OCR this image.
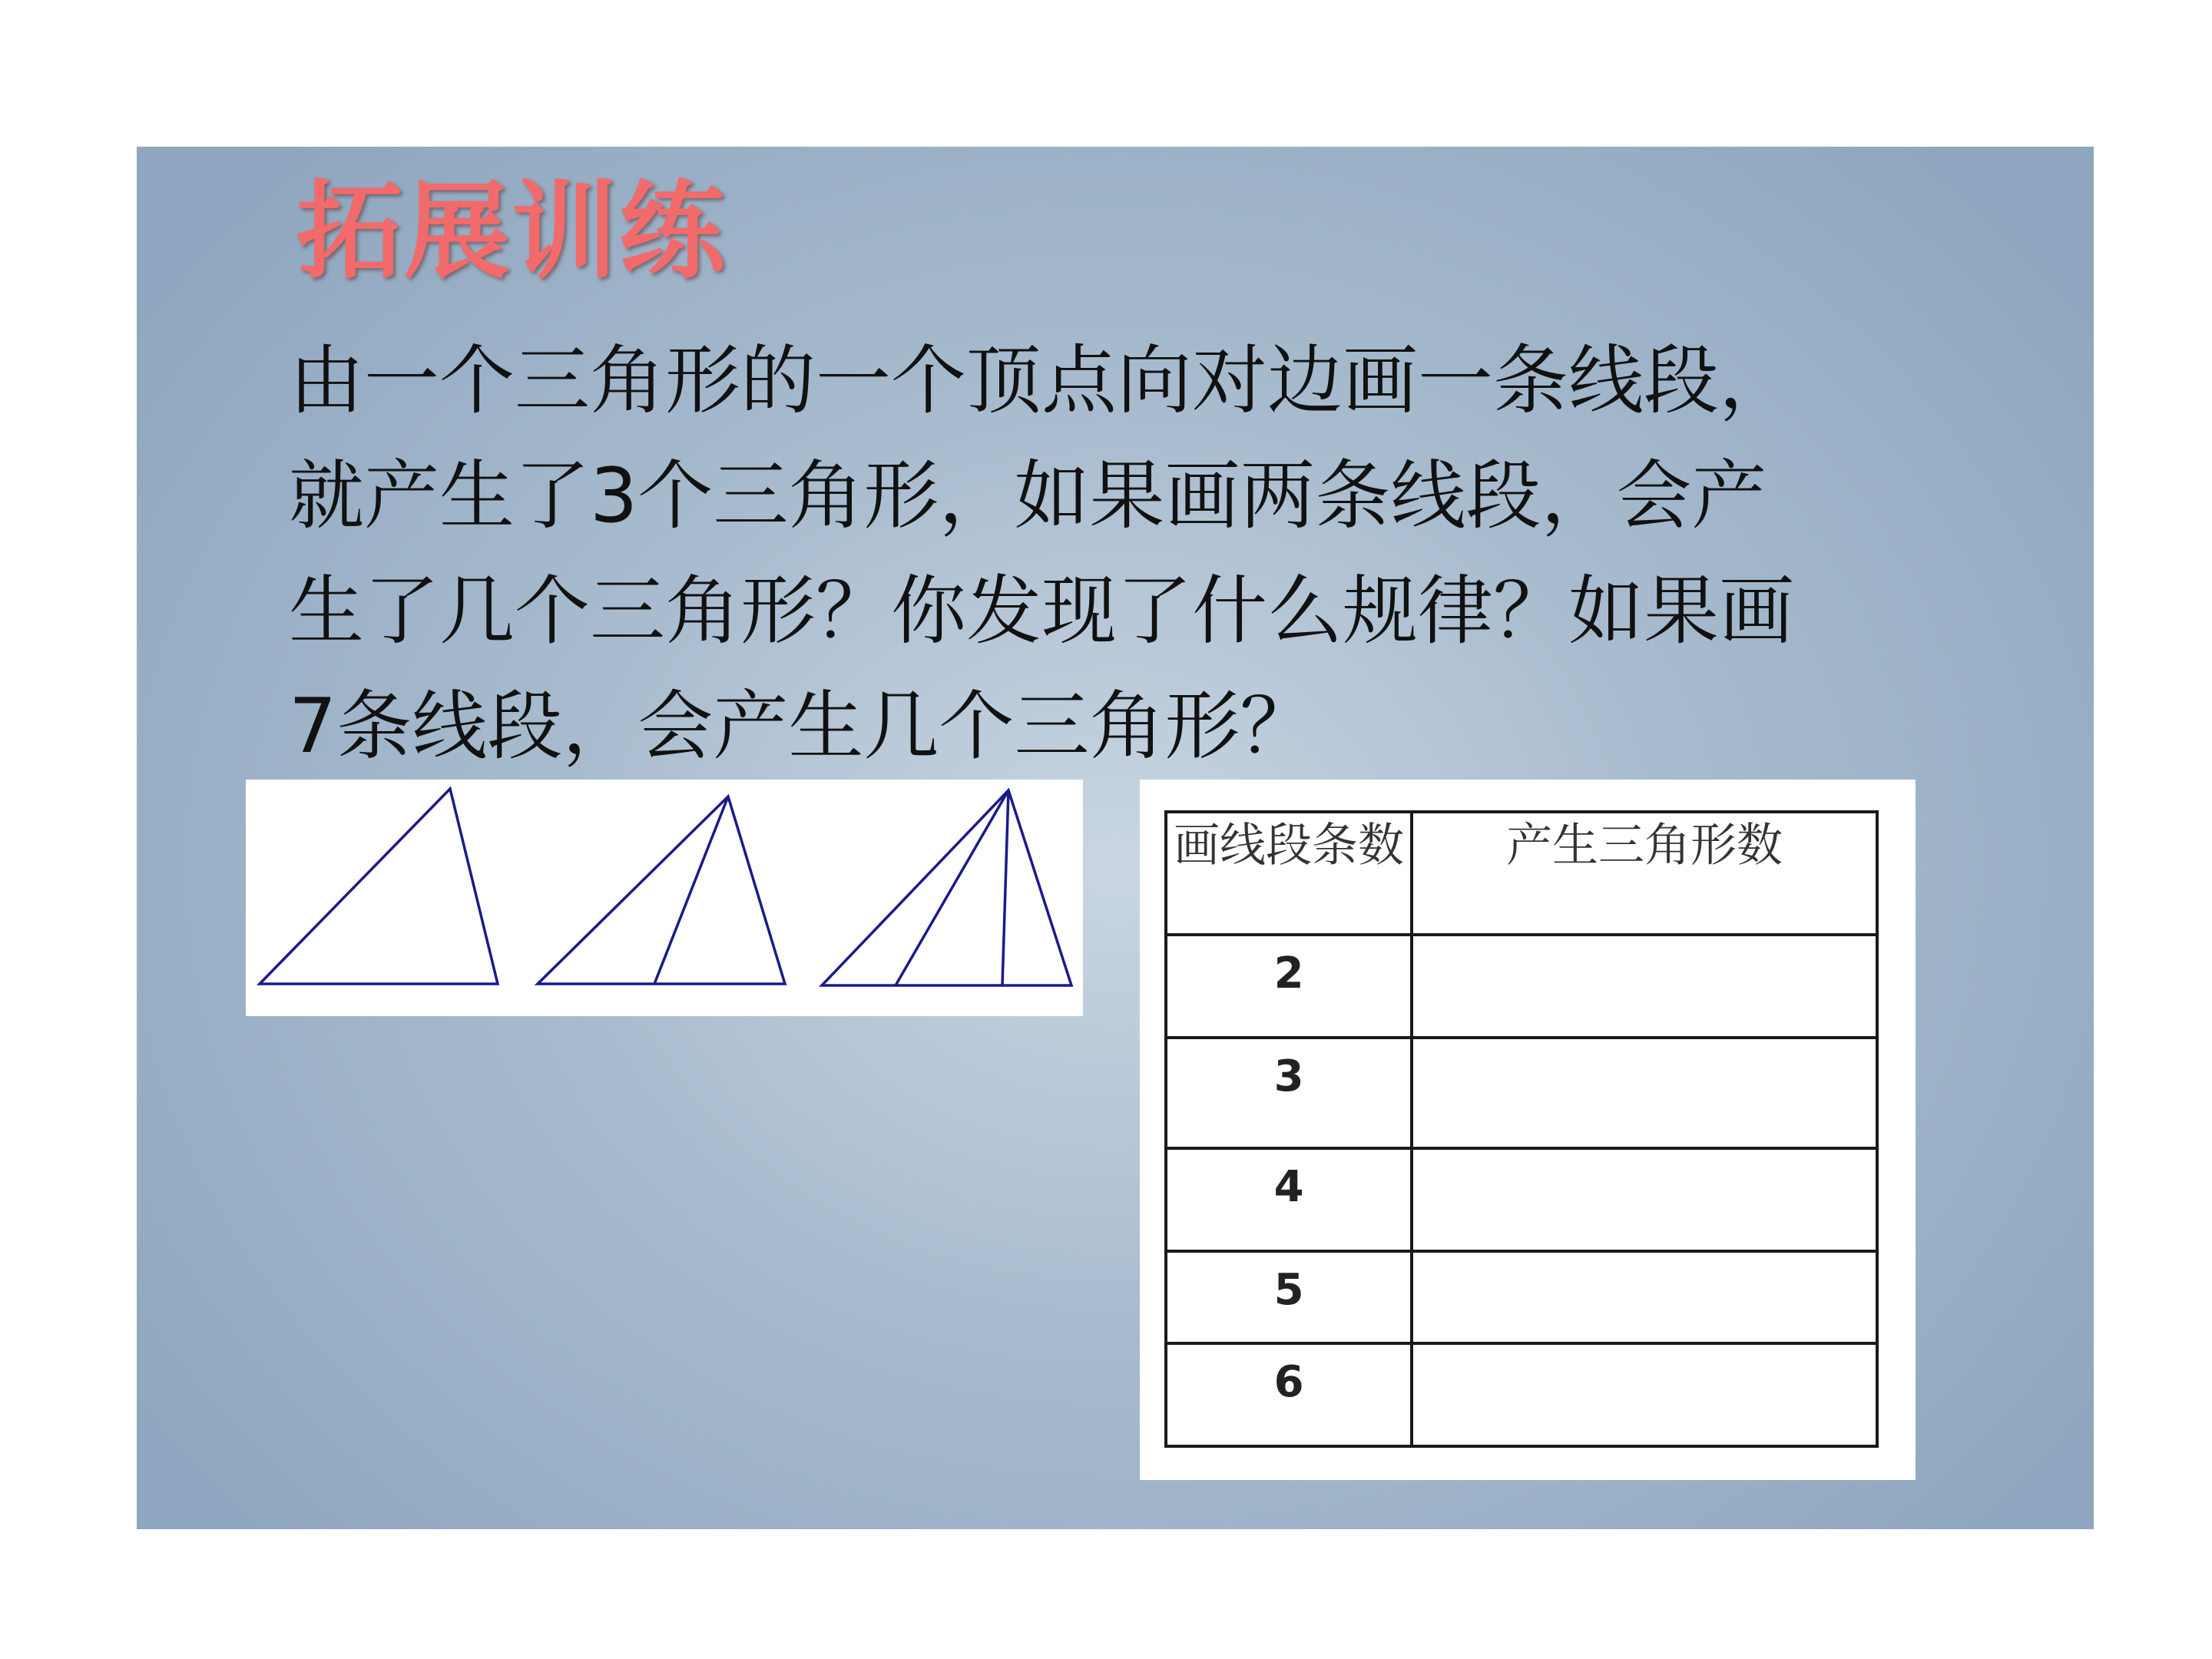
拓展训练

由一个三角形的一个顶点向对边画一条线段，
就产生了3个三角形，如果画两条线段，会产
生了几个三角形？你发现了什么规律？如果画
7条线段，会产生几个三角形？

画线段条数	产生三角形数
2	
3	
4	
5	
6	
